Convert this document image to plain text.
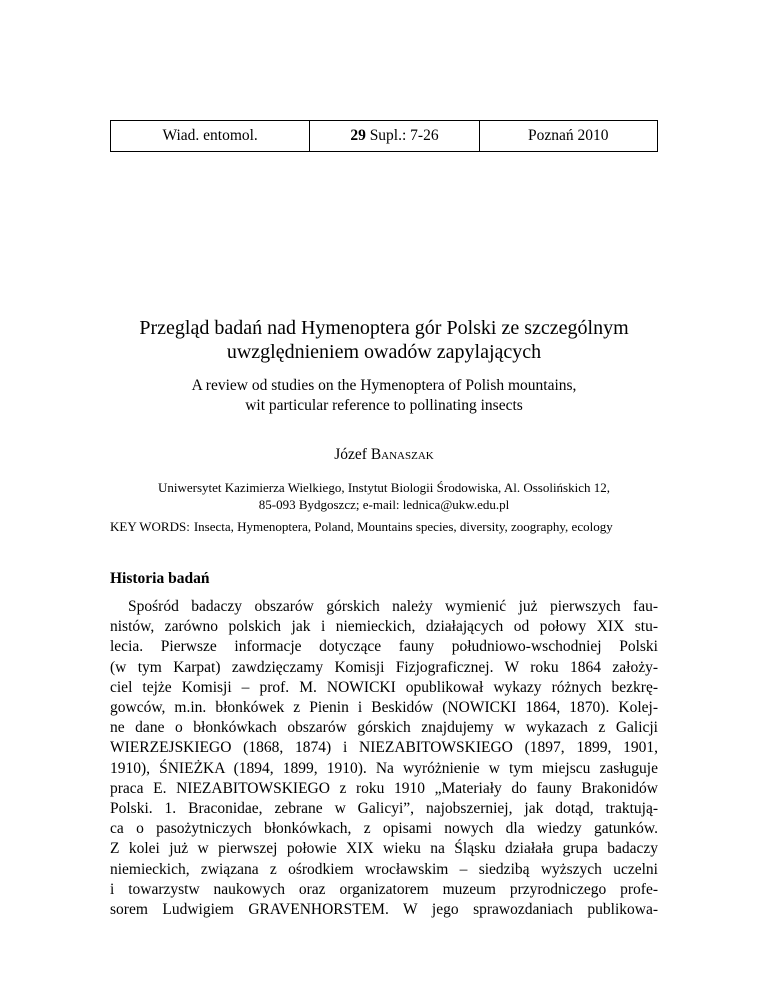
Wiad. entomol.	29
Supl.: 7-26	Poznań 2010
Przegląd badań nad Hymenoptera gór Polski ze szczególnym
uwzględnieniem owadów zapylających
A review od studies on the Hymenoptera of Polish mountains,
wit particular reference to pollinating insects
Józef Banaszak
Uniwersytet Kazimierza Wielkiego, Instytut Biologii Środowiska, Al. Ossolińskich 12,
85-093 Bydgoszcz; e-mail: lednica@ukw.edu.pl
KEY WORDS: Insecta, Hymenoptera, Poland, Mountains species, diversity, zoography, ecology
Historia badań
Spośród badaczy obszarów górskich należy wymienić już pierwszych fau-
nistów, zarówno polskich jak i niemieckich, działających od połowy XIX stu-
lecia. Pierwsze informacje dotyczące fauny południowo-wschodniej Polski
(w tym Karpat) zawdzięczamy Komisji Fizjograficznej. W roku 1864 założy-
ciel tejże Komisji – prof. M. NOWICKI opublikował wykazy różnych bezkrę-
gowców, m.in. błonkówek z Pienin i Beskidów (NOWICKI 1864, 1870). Kolej-
ne dane o błonkówkach obszarów górskich znajdujemy w wykazach z Galicji
WIERZEJSKIEGO (1868, 1874) i NIEZABITOWSKIEGO (1897, 1899, 1901,
1910), ŚNIEŻKA (1894, 1899, 1910). Na wyróżnienie w tym miejscu zasługuje
praca E. NIEZABITOWSKIEGO z roku 1910 „Materiały do fauny Brakonidów
Polski. 1. Braconidae, zebrane w Galicyi”, najobszerniej, jak dotąd, traktują-
ca o pasożytniczych błonkówkach, z opisami nowych dla wiedzy gatunków.
Z kolei już w pierwszej połowie XIX wieku na Śląsku działała grupa badaczy
niemieckich, związana z ośrodkiem wrocławskim – siedzibą wyższych uczelni
i towarzystw naukowych oraz organizatorem muzeum przyrodniczego profe-
sorem Ludwigiem GRAVENHORSTEM. W jego sprawozdaniach publikowa-
